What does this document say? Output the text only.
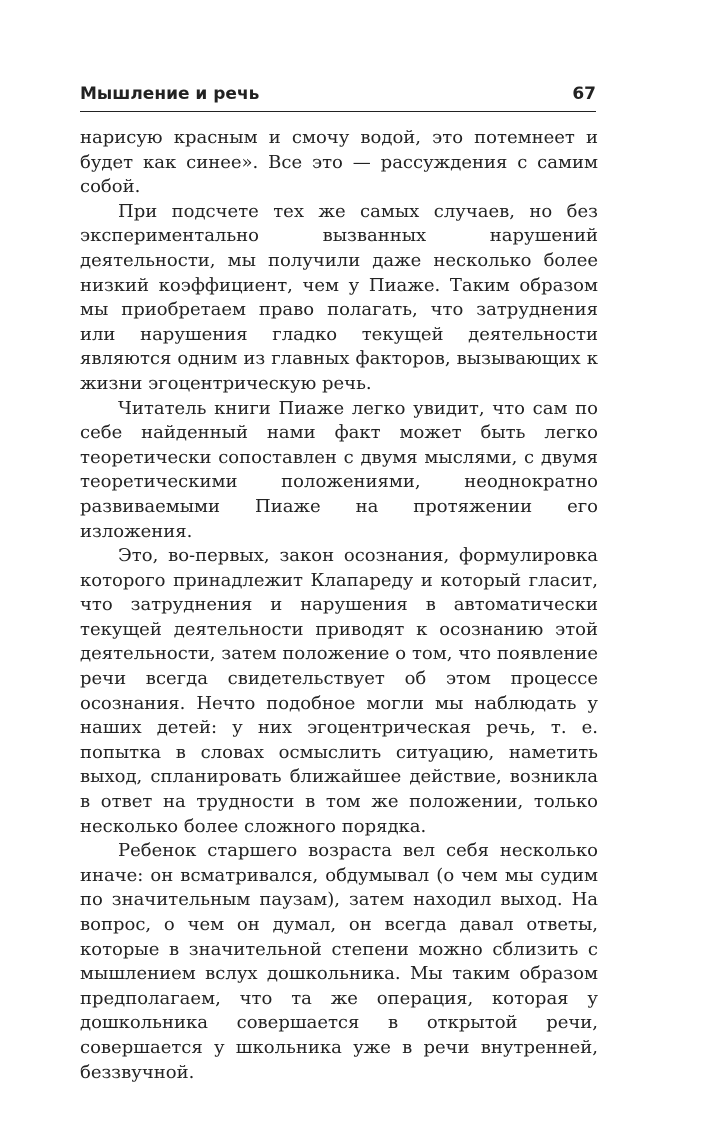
Мышление и речь	67

нарисую красным и смочу водой, это потемнеет и будет как синее». Все это — рассуждения с самим собой.

При подсчете тех же самых случаев, но без экспериментально вызванных нарушений деятельности, мы получили даже несколько более низкий коэффициент, чем у Пиаже. Таким образом мы приобретаем право полагать, что затруднения или нарушения гладко текущей деятельности являются одним из главных факторов, вызывающих к жизни эгоцентрическую речь.

Читатель книги Пиаже легко увидит, что сам по себе найденный нами факт может быть легко теоретически сопоставлен с двумя мыслями, с двумя теоретическими положениями, неоднократно развиваемыми Пиаже на протяжении его изложения.

Это, во-первых, закон осознания, формулировка которого принадлежит Клапареду и который гласит, что затруднения и нарушения в автоматически текущей деятельности приводят к осознанию этой деятельности, затем положение о том, что появление речи всегда свидетельствует об этом процессе осознания. Нечто подобное могли мы наблюдать у наших детей: у них эгоцентрическая речь, т. е. попытка в словах осмыслить ситуацию, наметить выход, спланировать ближайшее действие, возникла в ответ на трудности в том же положении, только несколько более сложного порядка.

Ребенок старшего возраста вел себя несколько иначе: он всматривался, обдумывал (о чем мы судим по значительным паузам), затем находил выход. На вопрос, о чем он думал, он всегда давал ответы, которые в значительной степени можно сблизить с мышлением вслух дошкольника. Мы таким образом предполагаем, что та же операция, которая у дошкольника совершается в открытой речи, совершается у школьника уже в речи внутренней, беззвучной.
